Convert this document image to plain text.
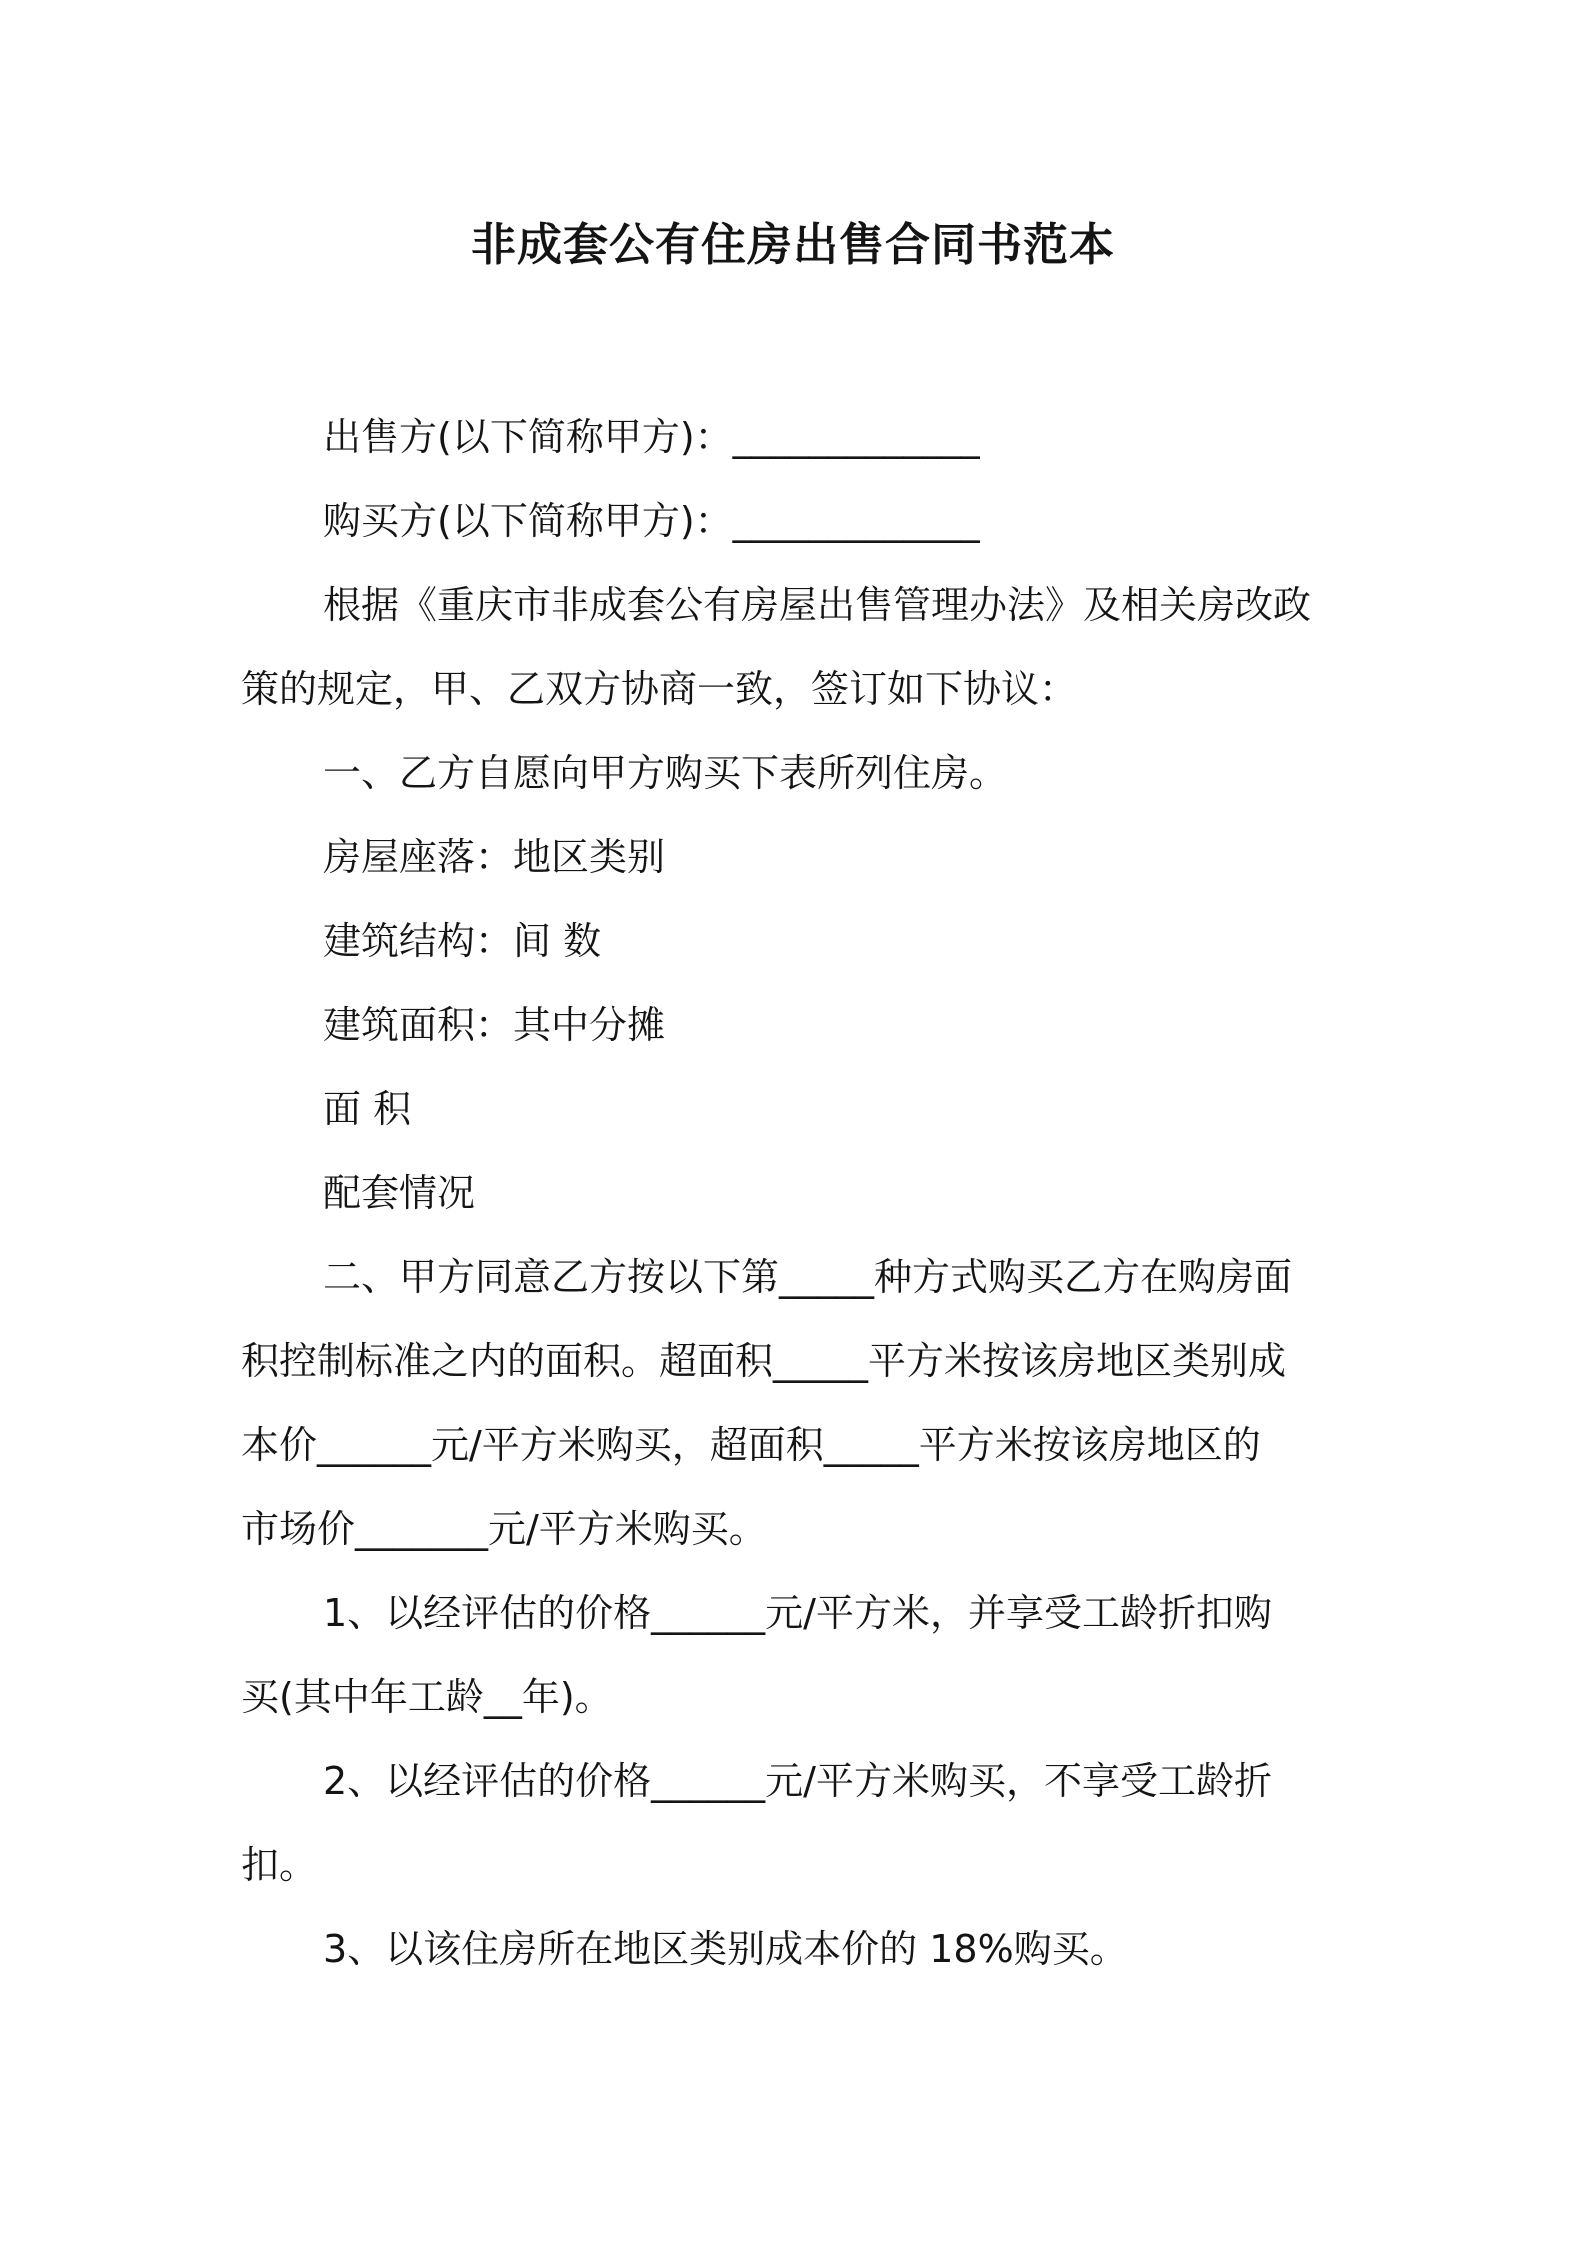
非成套公有住房出售合同书范本

出售方(以下简称甲方)：_____________

购买方(以下简称甲方)：_____________

根据《重庆市非成套公有房屋出售管理办法》及相关房改政

策的规定，甲、乙双方协商一致，签订如下协议：

一、乙方自愿向甲方购买下表所列住房。

房屋座落：地区类别

建筑结构：间 数

建筑面积：其中分摊

面 积

配套情况

二、甲方同意乙方按以下第_____种方式购买乙方在购房面

积控制标准之内的面积。超面积_____平方米按该房地区类别成

本价______元/平方米购买，超面积_____平方米按该房地区的

市场价_______元/平方米购买。

1、以经评估的价格______元/平方米，并享受工龄折扣购

买(其中年工龄__年)。

2、以经评估的价格______元/平方米购买，不享受工龄折

扣。

3、以该住房所在地区类别成本价的 18%购买。
